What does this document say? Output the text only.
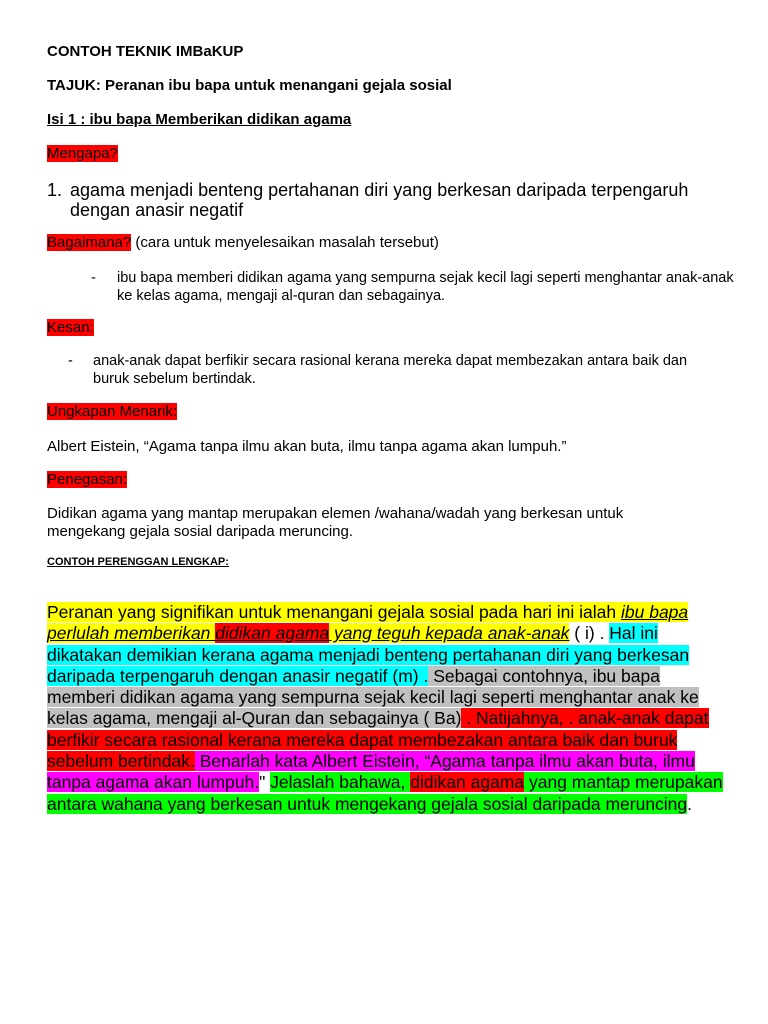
CONTOH TEKNIK IMBaKUP

TAJUK: Peranan ibu bapa untuk menangani gejala sosial

Isi 1 : ibu bapa Memberikan didikan agama

Mengapa?

1. agama menjadi benteng pertahanan diri yang berkesan daripada terpengaruh dengan anasir negatif

Bagaimana? (cara untuk menyelesaikan masalah tersebut)

- ibu bapa memberi didikan agama yang sempurna sejak kecil lagi seperti menghantar anak-anak ke kelas agama, mengaji al-quran dan sebagainya.

Kesan:

- anak-anak dapat berfikir secara rasional kerana mereka dapat membezakan antara baik dan buruk sebelum bertindak.

Ungkapan Menarik:

Albert Eistein, “Agama tanpa ilmu akan buta, ilmu tanpa agama akan lumpuh.”

Penegasan:

Didikan agama yang mantap merupakan elemen /wahana/wadah yang berkesan untuk mengekang gejala sosial daripada meruncing.

CONTOH PERENGGAN LENGKAP:

Peranan yang signifikan untuk menangani gejala sosial pada hari ini ialah ibu bapa perlulah memberikan didikan agama yang teguh kepada anak-anak ( i) . Hal ini dikatakan demikian kerana agama menjadi benteng pertahanan diri yang berkesan daripada terpengaruh dengan anasir negatif (m) . Sebagai contohnya, ibu bapa memberi didikan agama yang sempurna sejak kecil lagi seperti menghantar anak ke kelas agama, mengaji al-Quran dan sebagainya ( Ba) . Natijahnya, . anak-anak dapat berfikir secara rasional kerana mereka dapat membezakan antara baik dan buruk sebelum bertindak. Benarlah kata Albert Eistein, “Agama tanpa ilmu akan buta, ilmu tanpa agama akan lumpuh." Jelaslah bahawa, didikan agama yang mantap merupakan antara wahana yang berkesan untuk mengekang gejala sosial daripada meruncing.
